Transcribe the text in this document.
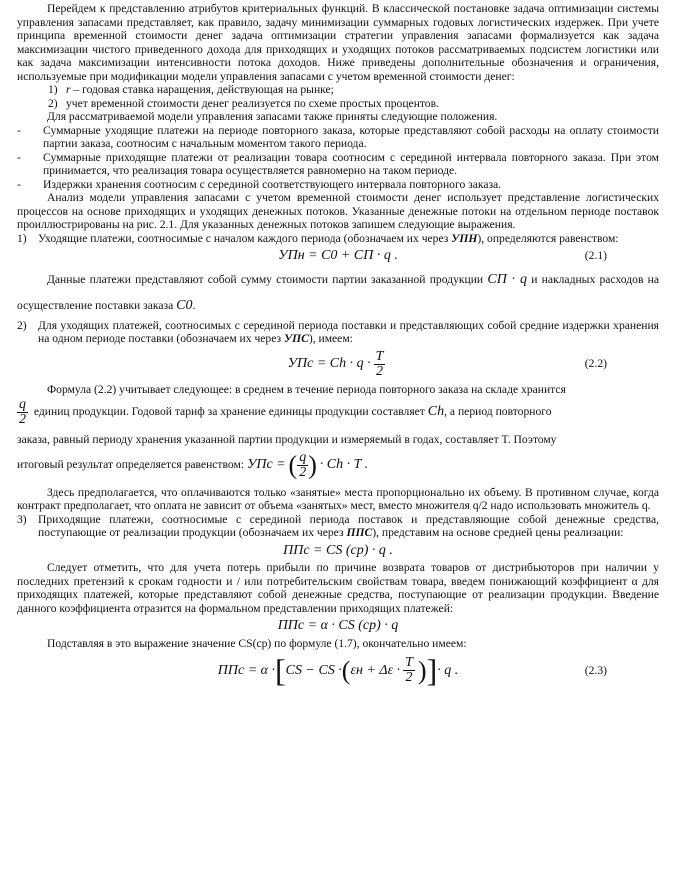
Перейдем к представлению атрибутов критериальных функций. В классической постановке задача оптимизации системы управления запасами представляет, как правило, задачу минимизации суммарных годовых логистических издержек. При учете принципа временной стоимости денег задача оптимизации стратегии управления запасами формализуется как задача максимизации чистого приведенного дохода для приходящих и уходящих потоков рассматриваемых подсистем логистики или как задача максимизации интенсивности потока доходов. Ниже приведены дополнительные обозначения и ограничения, используемые при модификации модели управления запасами с учетом временной стоимости денег:

1) r – годовая ставка наращения, действующая на рынке;
2) учет временной стоимости денег реализуется по схеме простых процентов.

Для рассматриваемой модели управления запасами также приняты следующие положения.

-	Суммарные уходящие платежи на периоде повторного заказа, которые представляют собой расходы на оплату стоимости партии заказа, соотносим с начальным моментом такого периода.
-	Суммарные приходящие платежи от реализации товара соотносим с серединой интервала повторного заказа. При этом принимается, что реализация товара осуществляется равномерно на таком периоде.
-	Издержки хранения соотносим с серединой соответствующего интервала повторного заказа.

Анализ модели управления запасами с учетом временной стоимости денег использует представление логистических процессов на основе приходящих и уходящих денежных потоков. Указанные денежные потоки на отдельном периоде поставок проиллюстрированы на рис. 2.1. Для указанных денежных потоков запишем следующие выражения.

1) Уходящие платежи, соотносимые с началом каждого периода (обозначаем их через УПН), определяются равенством:
УПн = C0 + CП · q .	(2.1)

Данные платежи представляют собой сумму стоимости партии заказанной продукции CП · q и накладных расходов на осуществление поставки заказа C0.

2) Для уходящих платежей, соотносимых с серединой периода поставки и представляющих собой средние издержки хранения на одном периоде поставки (обозначаем их через УПС), имеем:
УПс = $Ch \cdot q \cdot \frac{T}{2}$	(2.2)

Формула (2.2) учитывает следующее: в среднем в течение периода повторного заказа на складе хранится

$\frac{q}{2}$ единиц продукции. Годовой тариф за хранение единицы продукции составляет Ch, а период повторного

заказа, равный периоду хранения указанной партии продукции и измеряемый в годах, составляет T. Поэтому

итоговый результат определяется равенством: УПс = ( $\frac{q}{2}$ ) · Ch · T .

Здесь предполагается, что оплачиваются только «занятые» места пропорционально их объему. В противном случае, когда контракт предполагает, что оплата не зависит от объема «занятых» мест, вместо множителя q/2 надо использовать множитель q.

3) Приходящие платежи, соотносимые с серединой периода поставок и представляющие собой денежные средства, поступающие от реализации продукции (обозначаем их через ППС), представим на основе средней цены реализации:
ППс = CS (cp) · q .

Следует отметить, что для учета потерь прибыли по причине возврата товаров от дистрибьюторов при наличии у последних претензий к срокам годности и / или потребительским свойствам товара, введем понижающий коэффициент α для приходящих платежей, которые представляют собой денежные средства, поступающие от реализации продукции. Введение данного коэффициента отразится на формальном представлении приходящих платежей:

ППс = α · CS (cp) · q

Подставляя в это выражение значение CS(cp) по формуле (1.7), окончательно имеем:

ППс = α · [ CS − CS · ( $\varepsilon н + \Delta\varepsilon \cdot \frac{T}{2}$ ) ] · q .	(2.3)
